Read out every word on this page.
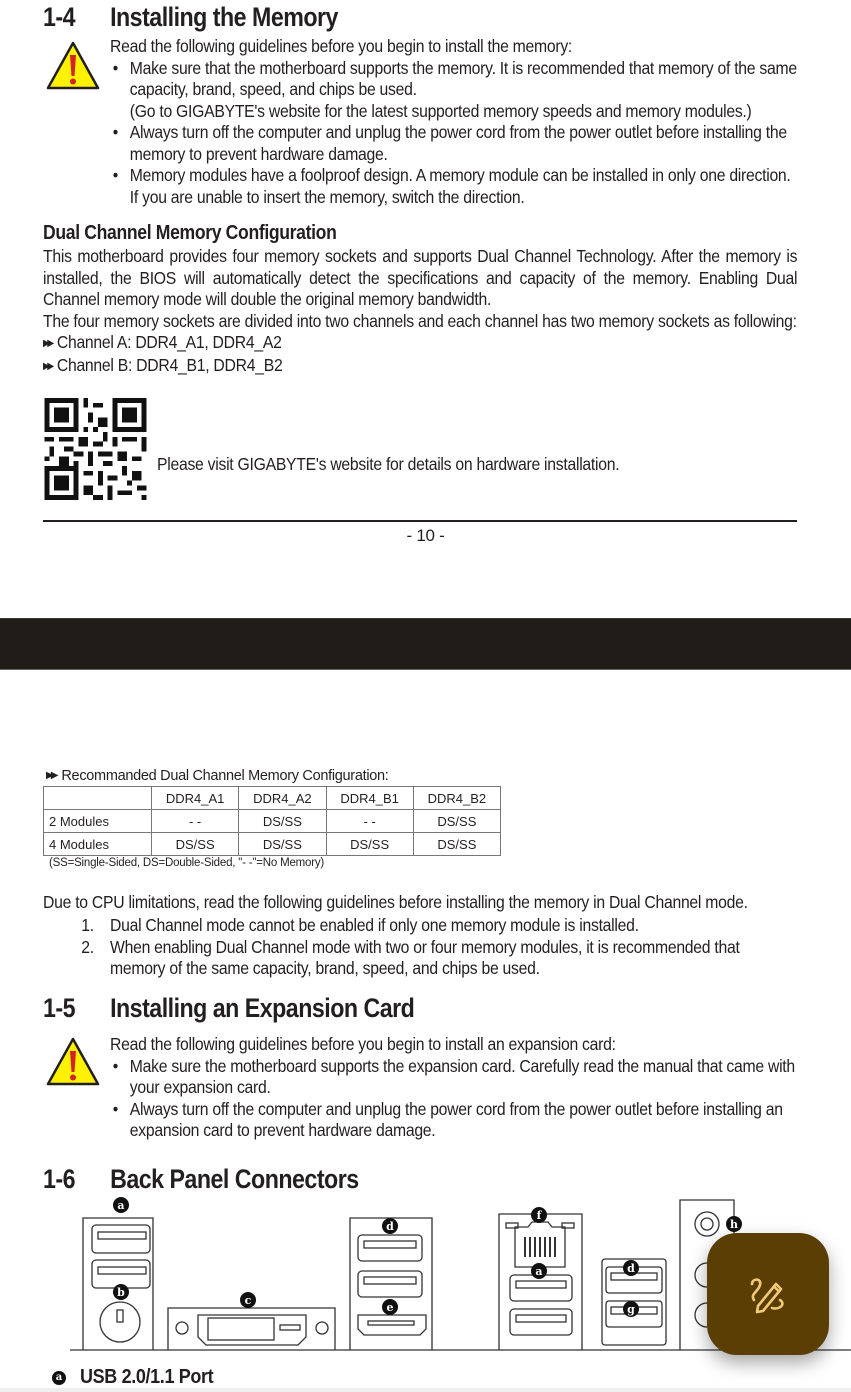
1-4 Installing the Memory
Read the following guidelines before you begin to install the memory:
• Make sure that the motherboard supports the memory. It is recommended that memory of the same capacity, brand, speed, and chips be used.
(Go to GIGABYTE's website for the latest supported memory speeds and memory modules.)
• Always turn off the computer and unplug the power cord from the power outlet before installing the memory to prevent hardware damage.
• Memory modules have a foolproof design. A memory module can be installed in only one direction. If you are unable to insert the memory, switch the direction.
Dual Channel Memory Configuration
This motherboard provides four memory sockets and supports Dual Channel Technology. After the memory is installed, the BIOS will automatically detect the specifications and capacity of the memory. Enabling Dual Channel memory mode will double the original memory bandwidth.
The four memory sockets are divided into two channels and each channel has two memory sockets as following:
▶▶ Channel A: DDR4_A1, DDR4_A2
▶▶ Channel B: DDR4_B1, DDR4_B2
Please visit GIGABYTE's website for details on hardware installation.
- 10 -
▶▶ Recommanded Dual Channel Memory Configuration:
	DDR4_A1	DDR4_A2	DDR4_B1	DDR4_B2
2 Modules	- -	DS/SS	- -	DS/SS
4 Modules	DS/SS	DS/SS	DS/SS	DS/SS
(SS=Single-Sided, DS=Double-Sided, "- -"=No Memory)
Due to CPU limitations, read the following guidelines before installing the memory in Dual Channel mode.
1. Dual Channel mode cannot be enabled if only one memory module is installed.
2. When enabling Dual Channel mode with two or four memory modules, it is recommended that memory of the same capacity, brand, speed, and chips be used.
1-5 Installing an Expansion Card
Read the following guidelines before you begin to install an expansion card:
• Make sure the motherboard supports the expansion card. Carefully read the manual that came with your expansion card.
• Always turn off the computer and unplug the power cord from the power outlet before installing an expansion card to prevent hardware damage.
1-6 Back Panel Connectors
a
b
c
d
e
f
a	d
g
h
a USB 2.0/1.1 Port
